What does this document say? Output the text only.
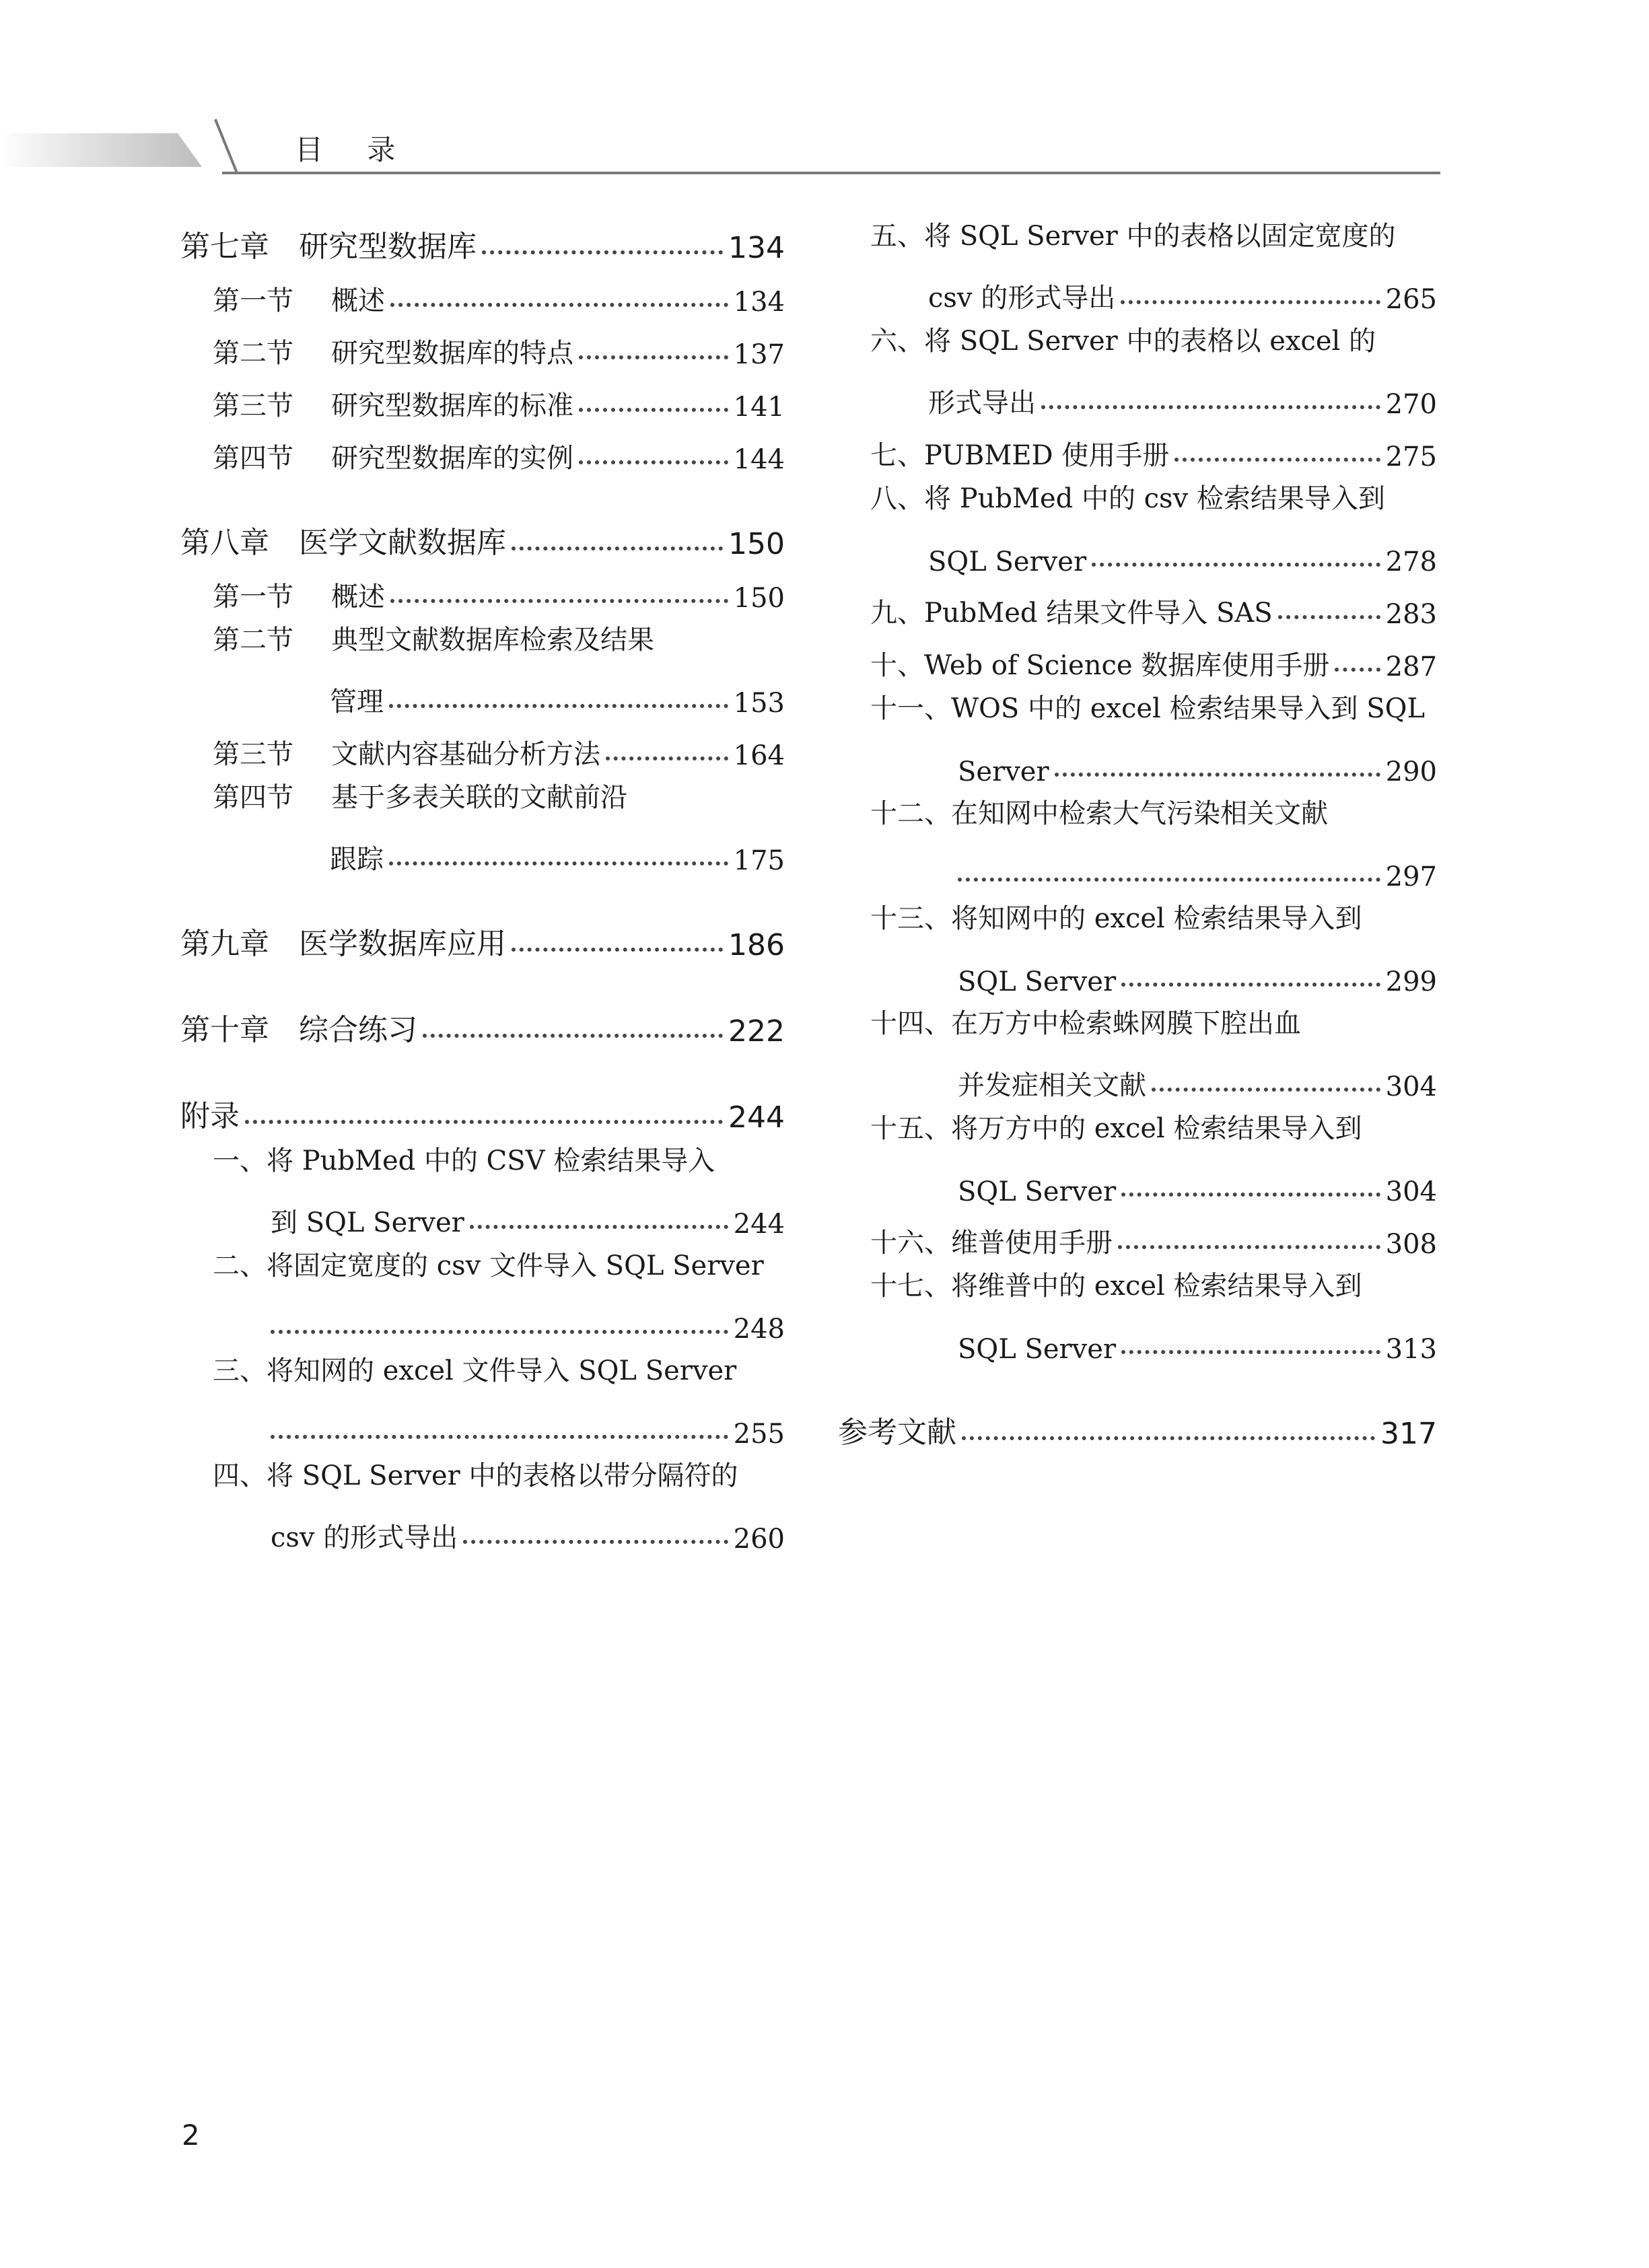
目 录
第七章　研究型数据库	134
第一节 概述	134
第二节 研究型数据库的特点	137
第三节 研究型数据库的标准	141
第四节 研究型数据库的实例	144
第八章　医学文献数据库	150
第一节 概述	150
第二节 典型文献数据库检索及结果
管理	153
第三节 文献内容基础分析方法	164
第四节 基于多表关联的文献前沿
跟踪	175
第九章　医学数据库应用	186
第十章　综合练习	222
附录	244
一、将 PubMed 中的 CSV 检索结果导入
到 SQL Server	244
二、将固定宽度的 csv 文件导入 SQL Server
248
三、将知网的 excel 文件导入 SQL Server
255
四、将 SQL Server 中的表格以带分隔符的
csv 的形式导出	260
五、将 SQL Server 中的表格以固定宽度的
csv 的形式导出	265
六、将 SQL Server 中的表格以 excel 的
形式导出	270
七、PUBMED 使用手册	275
八、将 PubMed 中的 csv 检索结果导入到
SQL Server	278
九、PubMed 结果文件导入 SAS	283
十、Web of Science 数据库使用手册 287
十一、WOS 中的 excel 检索结果导入到 SQL
Server	290
十二、在知网中检索大气污染相关文献
297
十三、将知网中的 excel 检索结果导入到
SQL Server	299
十四、在万方中检索蛛网膜下腔出血
并发症相关文献	304
十五、将万方中的 excel 检索结果导入到
SQL Server	304
十六、维普使用手册	308
十七、将维普中的 excel 检索结果导入到
SQL Server	313
参考文献	317
2
